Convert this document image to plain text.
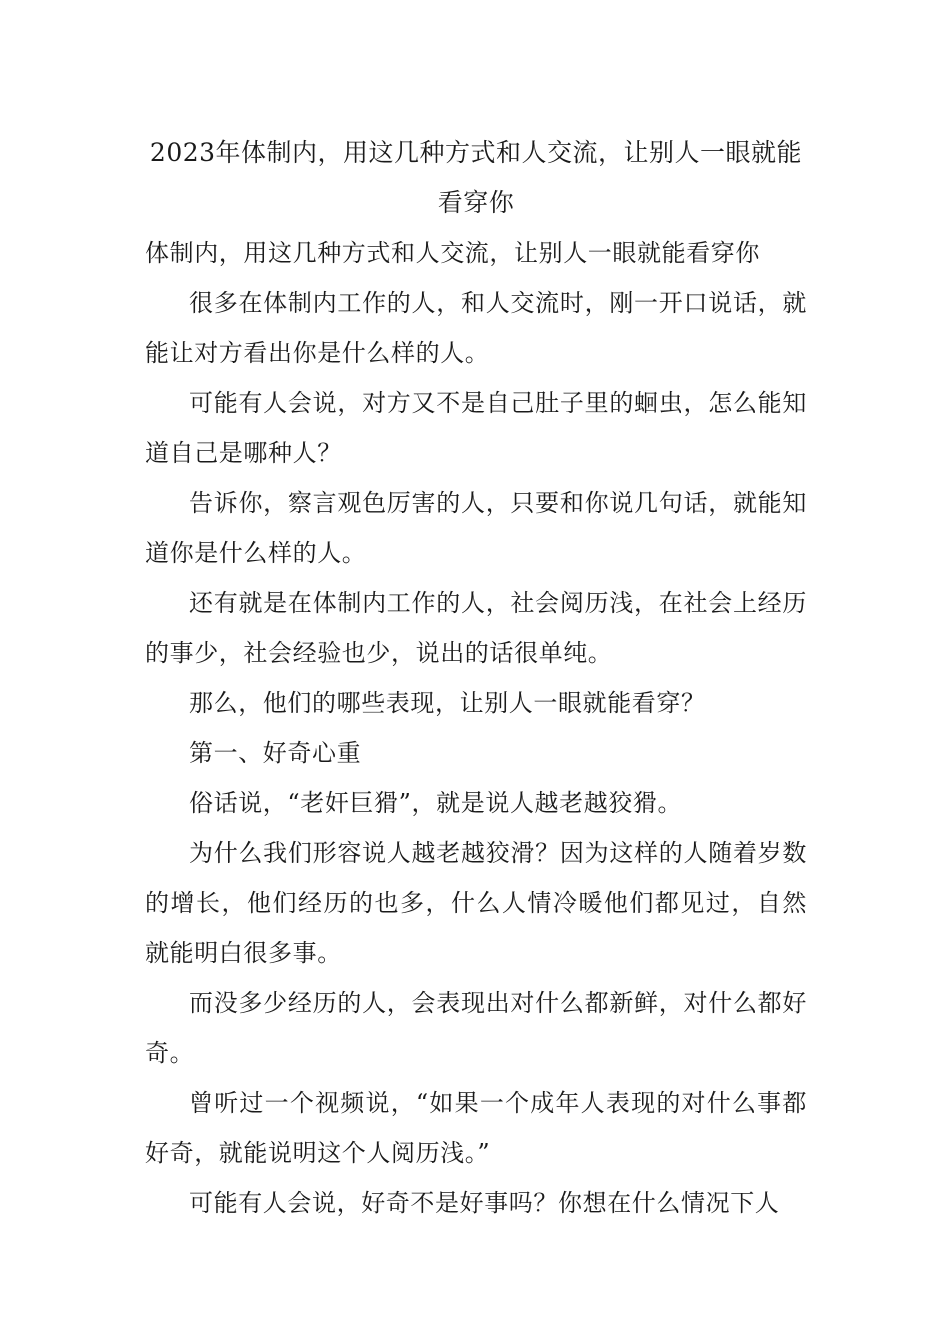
2023年体制内，用这几种方式和人交流，让别人一眼就能看穿你

体制内，用这几种方式和人交流，让别人一眼就能看穿你

很多在体制内工作的人，和人交流时，刚一开口说话，就能让对方看出你是什么样的人。

可能有人会说，对方又不是自己肚子里的蛔虫，怎么能知道自己是哪种人？

告诉你，察言观色厉害的人，只要和你说几句话，就能知道你是什么样的人。

还有就是在体制内工作的人，社会阅历浅，在社会上经历的事少，社会经验也少，说出的话很单纯。

那么，他们的哪些表现，让别人一眼就能看穿？

第一、好奇心重

俗话说，“老奸巨猾”，就是说人越老越狡猾。

为什么我们形容说人越老越狡滑？因为这样的人随着岁数的增长，他们经历的也多，什么人情冷暖他们都见过，自然就能明白很多事。

而没多少经历的人，会表现出对什么都新鲜，对什么都好奇。

曾听过一个视频说，“如果一个成年人表现的对什么事都好奇，就能说明这个人阅历浅。”

可能有人会说，好奇不是好事吗？你想在什么情况下人
